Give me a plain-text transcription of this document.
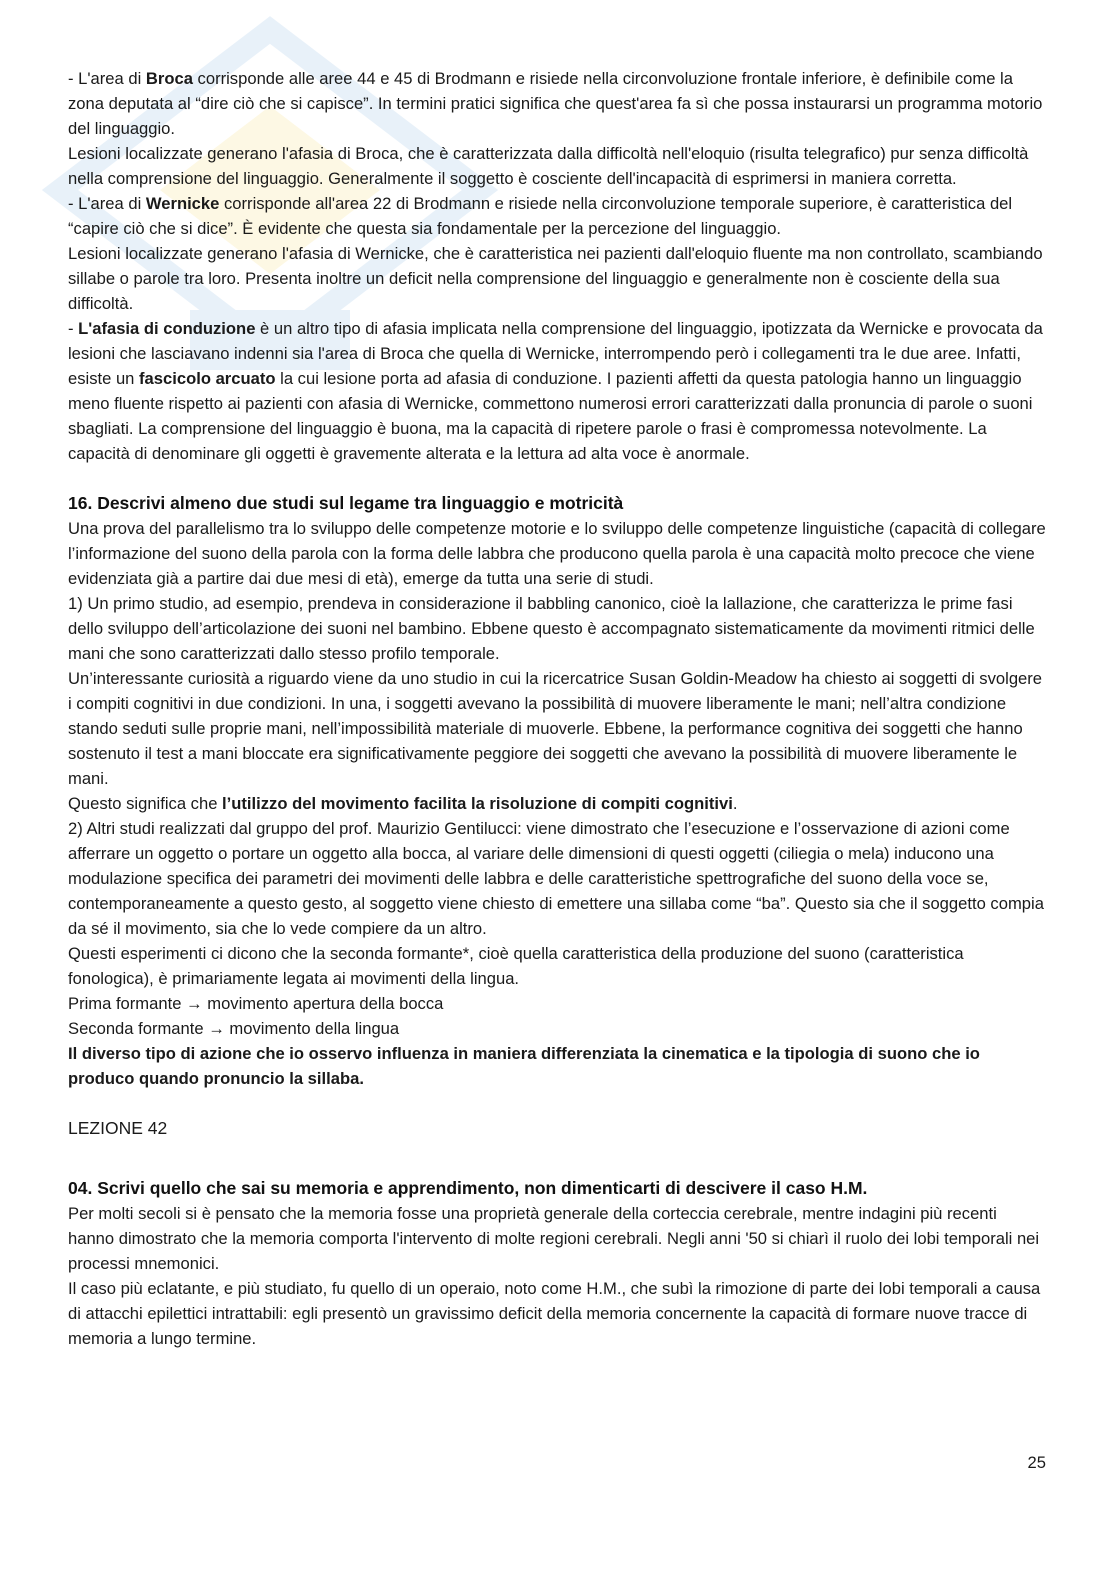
- L'area di Broca corrisponde alle aree 44 e 45 di Brodmann e risiede nella circonvoluzione frontale inferiore, è definibile come la zona deputata al “dire ciò che si capisce”. In termini pratici significa che quest'area fa sì che possa instaurarsi un programma motorio del linguaggio.

Lesioni localizzate generano l'afasia di Broca, che è caratterizzata dalla difficoltà nell'eloquio (risulta telegrafico) pur senza difficoltà nella comprensione del linguaggio. Generalmente il soggetto è cosciente dell'incapacità di esprimersi in maniera corretta.

- L'area di Wernicke corrisponde all'area 22 di Brodmann e risiede nella circonvoluzione temporale superiore, è caratteristica del “capire ciò che si dice”. È evidente che questa sia fondamentale per la percezione del linguaggio.

Lesioni localizzate generano l'afasia di Wernicke, che è caratteristica nei pazienti dall'eloquio fluente ma non controllato, scambiando sillabe o parole tra loro. Presenta inoltre un deficit nella comprensione del linguaggio e generalmente non è cosciente della sua difficoltà.

- L'afasia di conduzione è un altro tipo di afasia implicata nella comprensione del linguaggio, ipotizzata da Wernicke e provocata da lesioni che lasciavano indenni sia l'area di Broca che quella di Wernicke, interrompendo però i collegamenti tra le due aree. Infatti, esiste un fascicolo arcuato la cui lesione porta ad afasia di conduzione. I pazienti affetti da questa patologia hanno un linguaggio meno fluente rispetto ai pazienti con afasia di Wernicke, commettono numerosi errori caratterizzati dalla pronuncia di parole o suoni sbagliati. La comprensione del linguaggio è buona, ma la capacità di ripetere parole o frasi è compromessa notevolmente. La capacità di denominare gli oggetti è gravemente alterata e la lettura ad alta voce è anormale.

16. Descrivi almeno due studi sul legame tra linguaggio e motricità

Una prova del parallelismo tra lo sviluppo delle competenze motorie e lo sviluppo delle competenze linguistiche (capacità di collegare l’informazione del suono della parola con la forma delle labbra che producono quella parola è una capacità molto precoce che viene evidenziata già a partire dai due mesi di età), emerge da tutta una serie di studi.

1) Un primo studio, ad esempio, prendeva in considerazione il babbling canonico, cioè la lallazione, che caratterizza le prime fasi dello sviluppo dell’articolazione dei suoni nel bambino. Ebbene questo è accompagnato sistematicamente da movimenti ritmici delle mani che sono caratterizzati dallo stesso profilo temporale.

Un’interessante curiosità a riguardo viene da uno studio in cui la ricercatrice Susan Goldin-Meadow ha chiesto ai soggetti di svolgere i compiti cognitivi in due condizioni. In una, i soggetti avevano la possibilità di muovere liberamente le mani; nell’altra condizione stando seduti sulle proprie mani, nell’impossibilità materiale di muoverle. Ebbene, la performance cognitiva dei soggetti che hanno sostenuto il test a mani bloccate era significativamente peggiore dei soggetti che avevano la possibilità di muovere liberamente le mani.

Questo significa che l’utilizzo del movimento facilita la risoluzione di compiti cognitivi.

2) Altri studi realizzati dal gruppo del prof. Maurizio Gentilucci: viene dimostrato che l’esecuzione e l’osservazione di azioni come afferrare un oggetto o portare un oggetto alla bocca, al variare delle dimensioni di questi oggetti (ciliegia o mela) inducono una modulazione specifica dei parametri dei movimenti delle labbra e delle caratteristiche spettrografiche del suono della voce se, contemporaneamente a questo gesto, al soggetto viene chiesto di emettere una sillaba come “ba”. Questo sia che il soggetto compia da sé il movimento, sia che lo vede compiere da un altro.

Questi esperimenti ci dicono che la seconda formante*, cioè quella caratteristica della produzione del suono (caratteristica fonologica), è primariamente legata ai movimenti della lingua.

Prima formante → movimento apertura della bocca

Seconda formante → movimento della lingua

Il diverso tipo di azione che io osservo influenza in maniera differenziata la cinematica e la tipologia di suono che io produco quando pronuncio la sillaba.

LEZIONE 42

04. Scrivi quello che sai su memoria e apprendimento, non dimenticarti di descivere il caso H.M.

Per molti secoli si è pensato che la memoria fosse una proprietà generale della corteccia cerebrale, mentre indagini più recenti hanno dimostrato che la memoria comporta l'intervento di molte regioni cerebrali. Negli anni '50 si chiarì il ruolo dei lobi temporali nei processi mnemonici.

Il caso più eclatante, e più studiato, fu quello di un operaio, noto come H.M., che subì la rimozione di parte dei lobi temporali a causa di attacchi epilettici intrattabili: egli presentò un gravissimo deficit della memoria concernente la capacità di formare nuove tracce di memoria a lungo termine.

25
